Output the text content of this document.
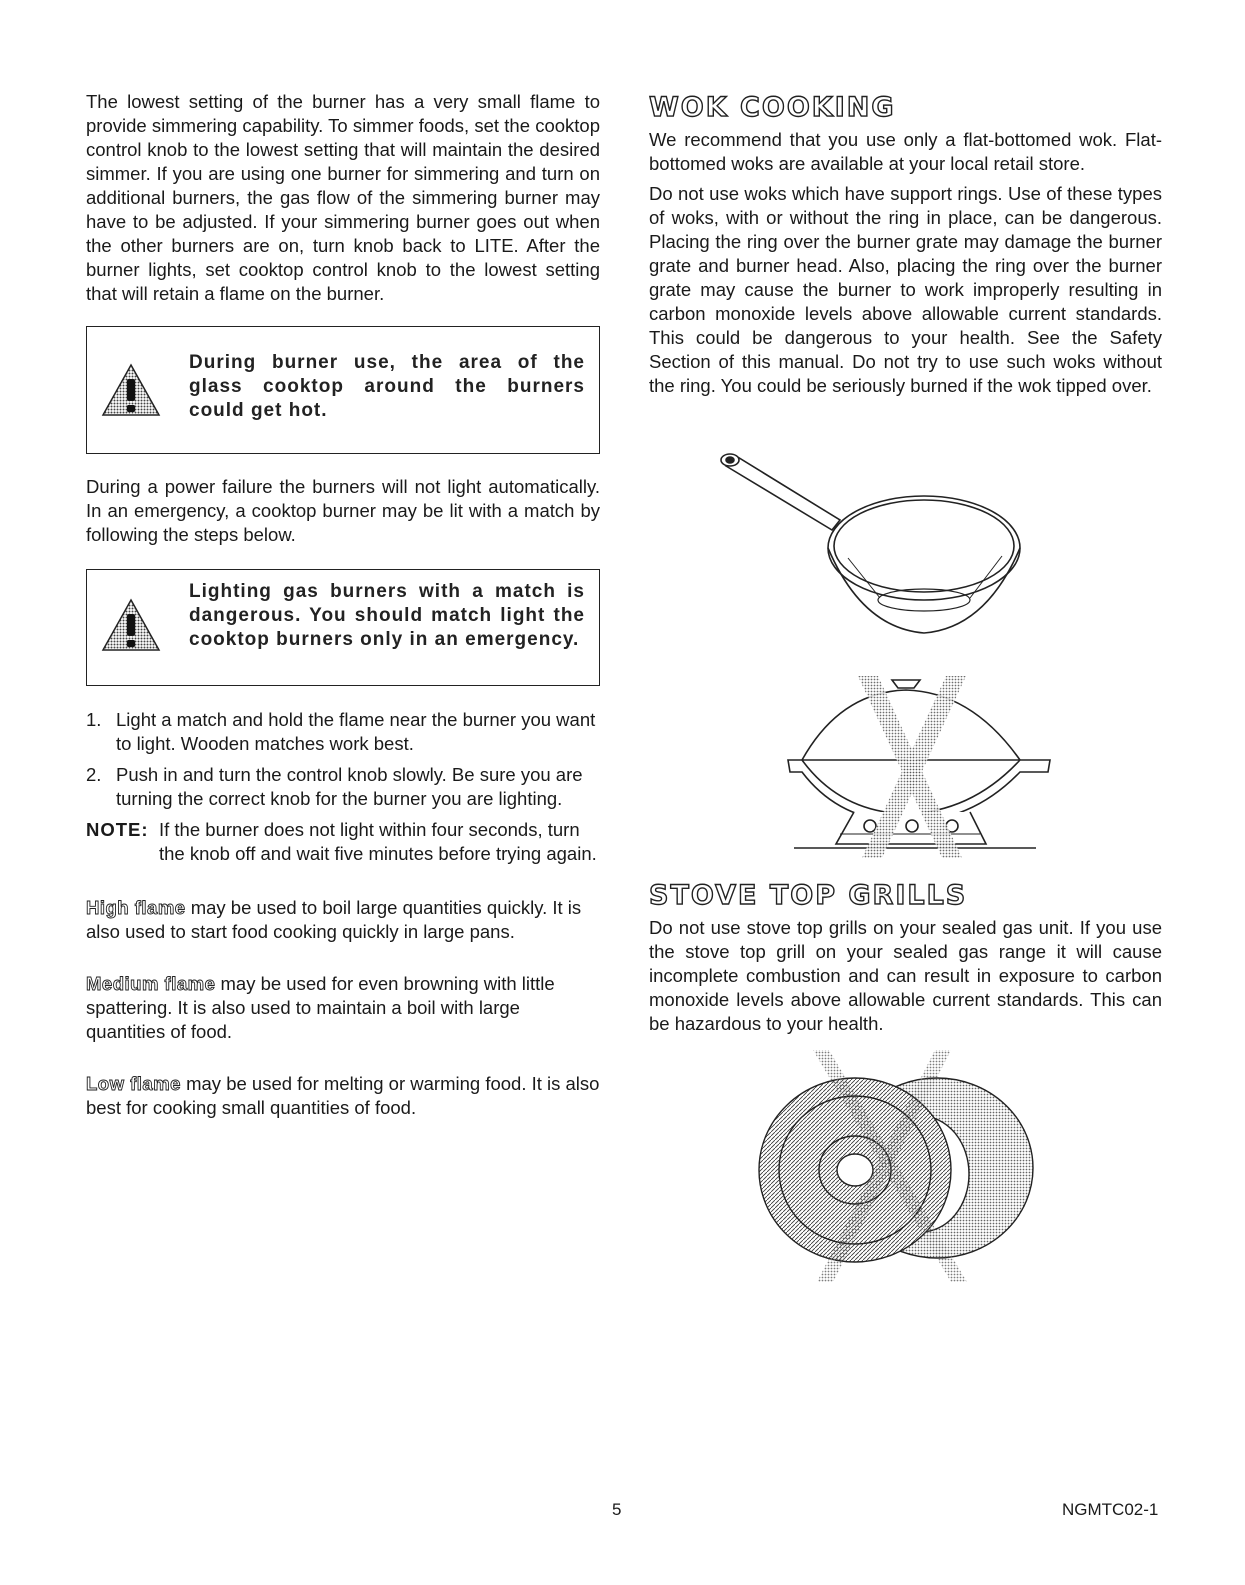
The lowest setting of the burner has a very small flame to provide simmering capability. To simmer foods, set the cooktop control knob to the lowest setting that will maintain the desired simmer. If you are using one burner for simmering and turn on additional burners, the gas flow of the simmering burner may have to be adjusted. If your simmering burner goes out when the other burners are on, turn knob back to LITE. After the burner lights, set cooktop control knob to the lowest setting that will retain a flame on the burner.

During burner use, the area of the glass cooktop around the burners could get hot.

During a power failure the burners will not light automatically. In an emergency, a cooktop burner may be lit with a match by following the steps below.

Lighting gas burners with a match is dangerous. You should match light the cooktop burners only in an emergency.
1. Light a match and hold the flame near the burner you want to light. Wooden matches work best.
2. Push in and turn the control knob slowly. Be sure you are turning the correct knob for the burner you are lighting.
NOTE: If the burner does not light within four seconds, turn the knob off and wait five minutes before trying again.

High flame may be used to boil large quantities quickly. It is also used to start food cooking quickly in large pans.

Medium flame may be used for even browning with little spattering. It is also used to maintain a boil with large quantities of food.

Low flame may be used for melting or warming food. It is also best for cooking small quantities of food.

WOK COOKING

We recommend that you use only a flat-bottomed wok. Flat-bottomed woks are available at your local retail store.

Do not use woks which have support rings. Use of these types of woks, with or without the ring in place, can be dangerous. Placing the ring over the burner grate may damage the burner grate and burner head. Also, placing the ring over the burner grate may cause the burner to work improperly resulting in carbon monoxide levels above allowable current standards. This could be dangerous to your health. See the Safety Section of this manual. Do not try to use such woks without the ring. You could be seriously burned if the wok tipped over.

STOVE TOP GRILLS

Do not use stove top grills on your sealed gas unit. If you use the stove top grill on your sealed gas range it will cause incomplete combustion and can result in exposure to carbon monoxide levels above allowable current standards. This can be hazardous to your health.

5	NGMTC02-1
